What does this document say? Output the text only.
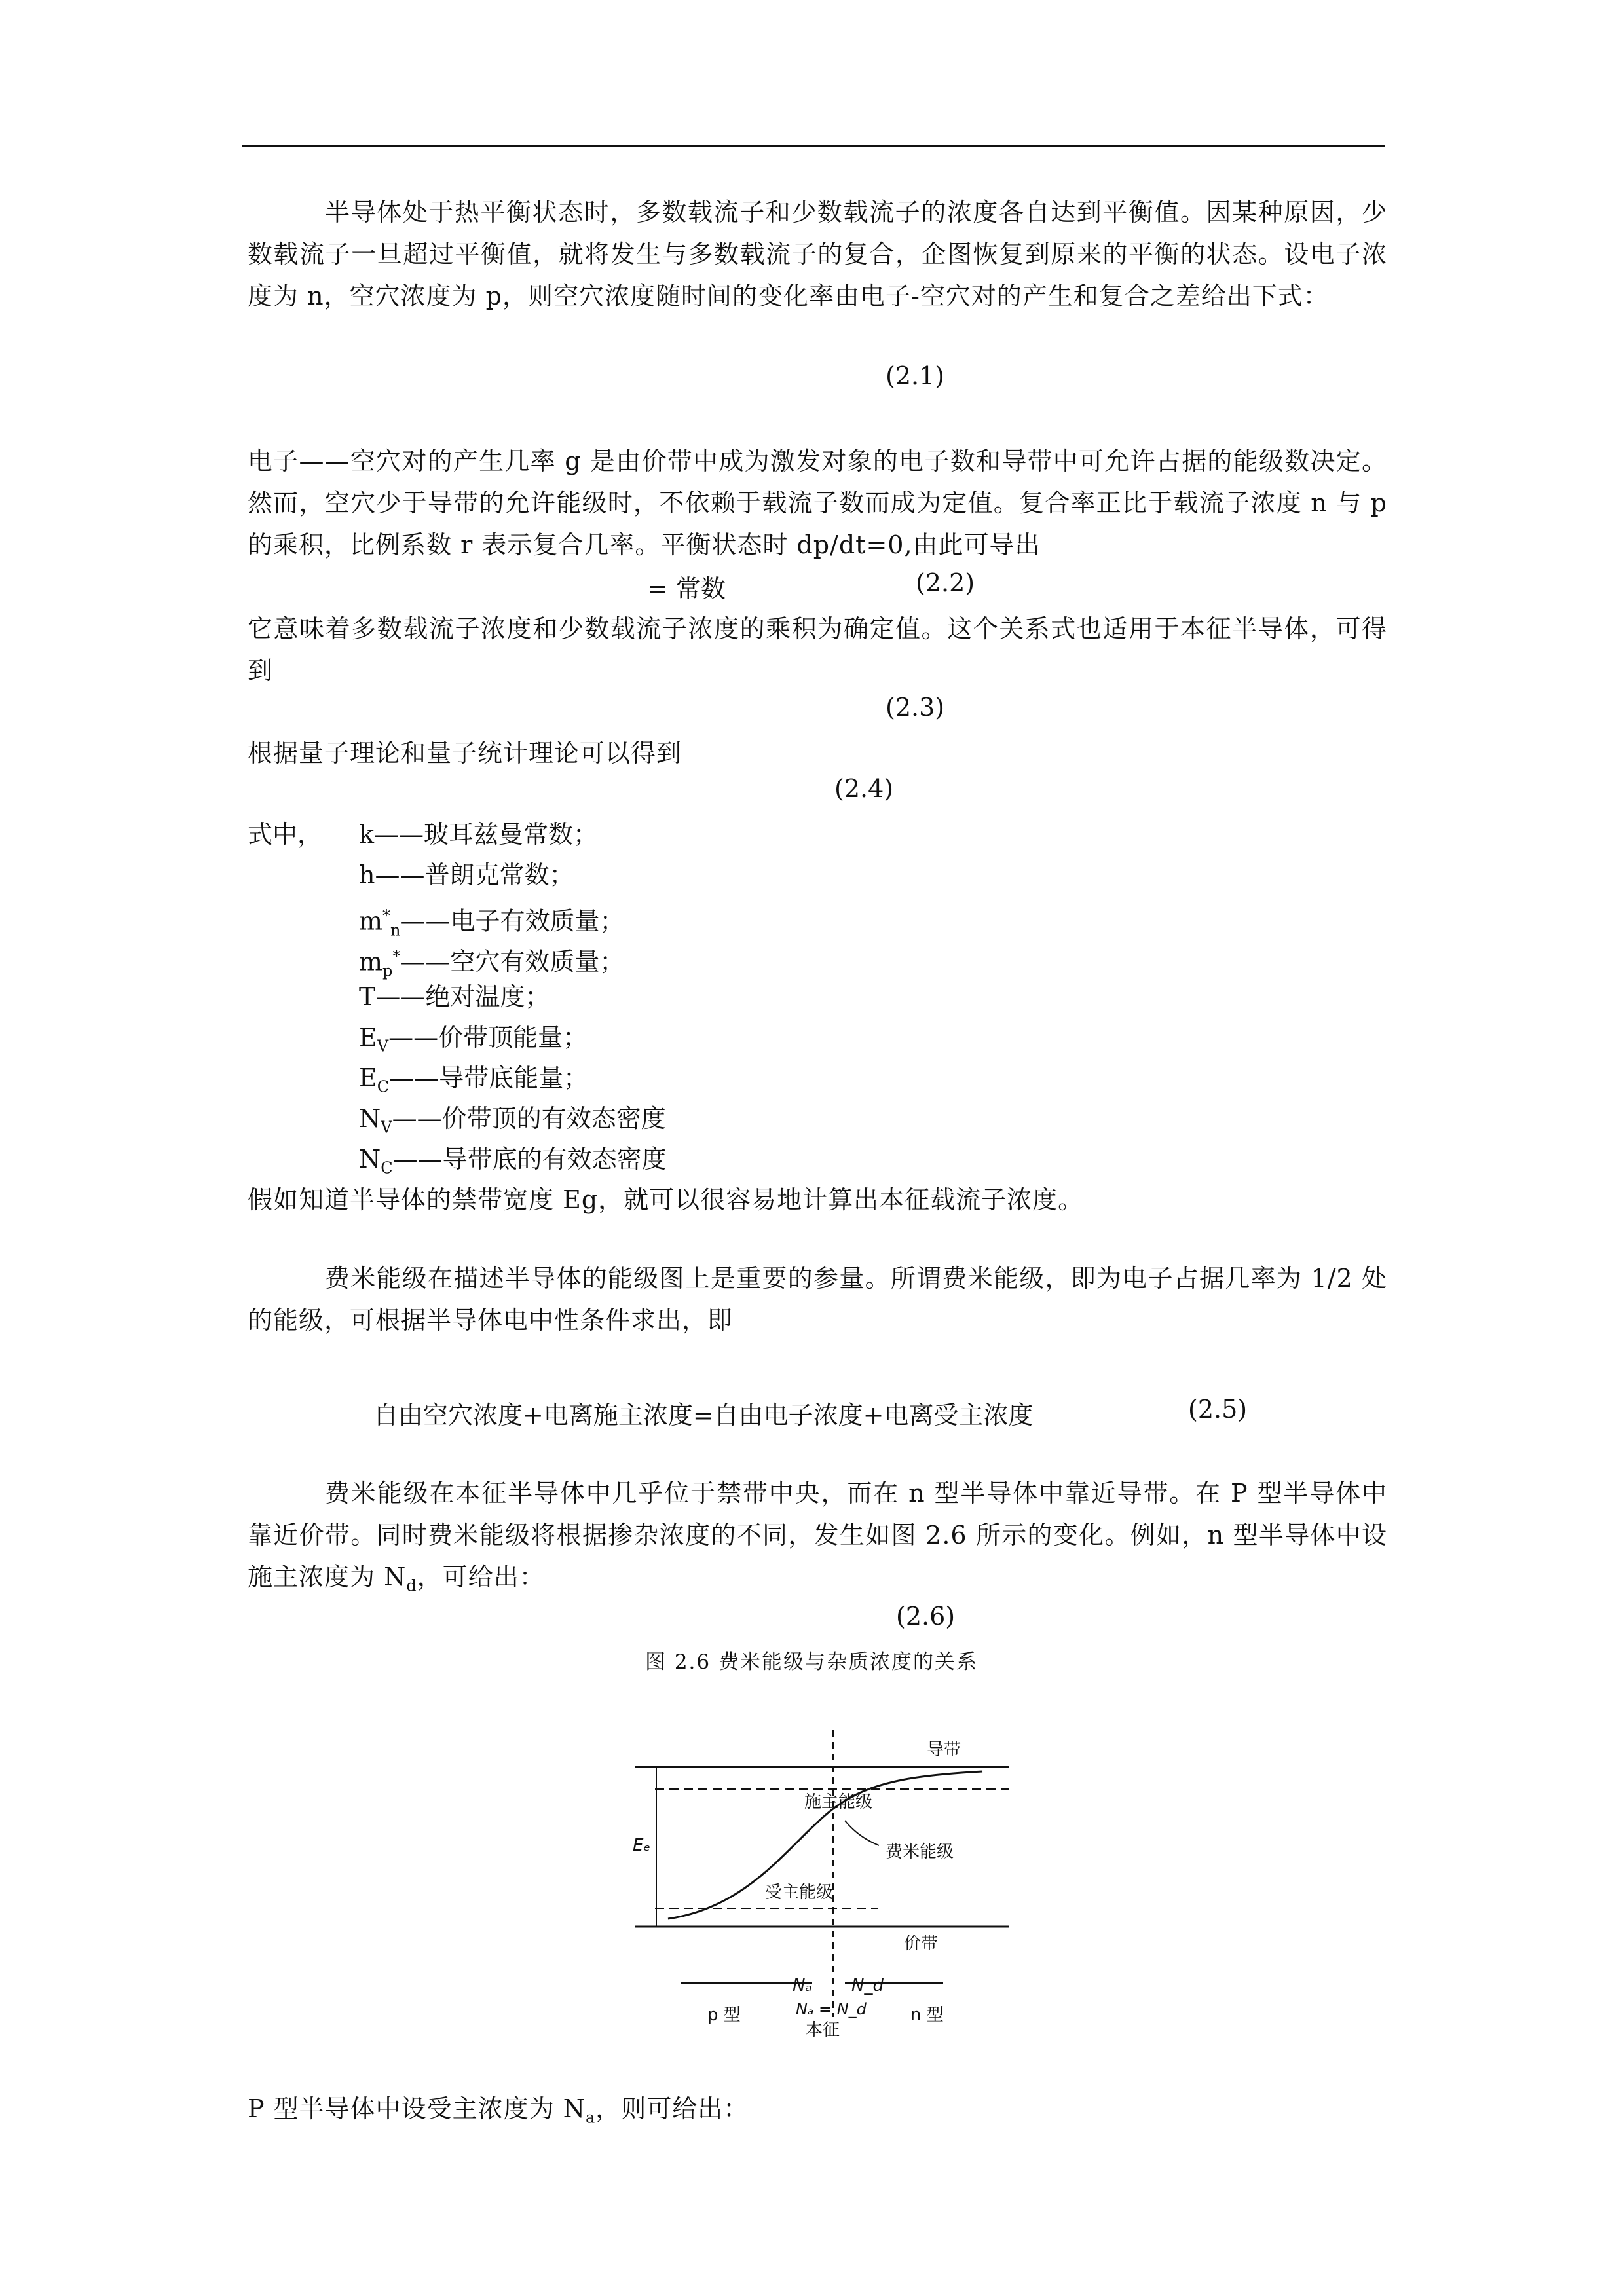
半导体处于热平衡状态时，多数载流子和少数载流子的浓度各自达到平衡值。因某种原因，少数载流子一旦超过平衡值，就将发生与多数载流子的复合，企图恢复到原来的平衡的状态。设电子浓度为 n，空穴浓度为 p，则空穴浓度随时间的变化率由电子-空穴对的产生和复合之差给出下式：

(2.1)

电子——空穴对的产生几率 g 是由价带中成为激发对象的电子数和导带中可允许占据的能级数决定。然而，空穴少于导带的允许能级时，不依赖于载流子数而成为定值。复合率正比于载流子浓度 n 与 p 的乘积，比例系数 r 表示复合几率。平衡状态时 dp/dt=0,由此可导出

= 常数	(2.2)

它意味着多数载流子浓度和少数载流子浓度的乘积为确定值。这个关系式也适用于本征半导体，可得到

(2.3)

根据量子理论和量子统计理论可以得到

(2.4)
式中， k——玻耳兹曼常数；
h——普朗克常数；
$m^*_n——$电子有效质量；
$m_p^*——$空穴有效质量；
T——绝对温度；
$E_V——$价带顶能量；
$E_C——$导带底能量；
$N_V——$价带顶的有效态密度
$N_C——$导带底的有效态密度

假如知道半导体的禁带宽度 Eg，就可以很容易地计算出本征载流子浓度。

费米能级在描述半导体的能级图上是重要的参量。所谓费米能级，即为电子占据几率为 1/2 处的能级，可根据半导体电中性条件求出，即

自由空穴浓度+电离施主浓度=自由电子浓度+电离受主浓度	(2.5)

费米能级在本征半导体中几乎位于禁带中央，而在 n 型半导体中靠近导带。在 P 型半导体中靠近价带。同时费米能级将根据掺杂浓度的不同，发生如图 2.6 所示的变化。例如，n 型半导体中设施主浓度为 $N_d$，可给出：

(2.6)
图 2.6 费米能级与杂质浓度的关系
导带
施主能级
费米能级
受主能级
价带
Eₑ
Nₐ N_d
Nₐ = N_d
p 型
本征
n 型

P 型半导体中设受主浓度为 $N_a$，则可给出：
